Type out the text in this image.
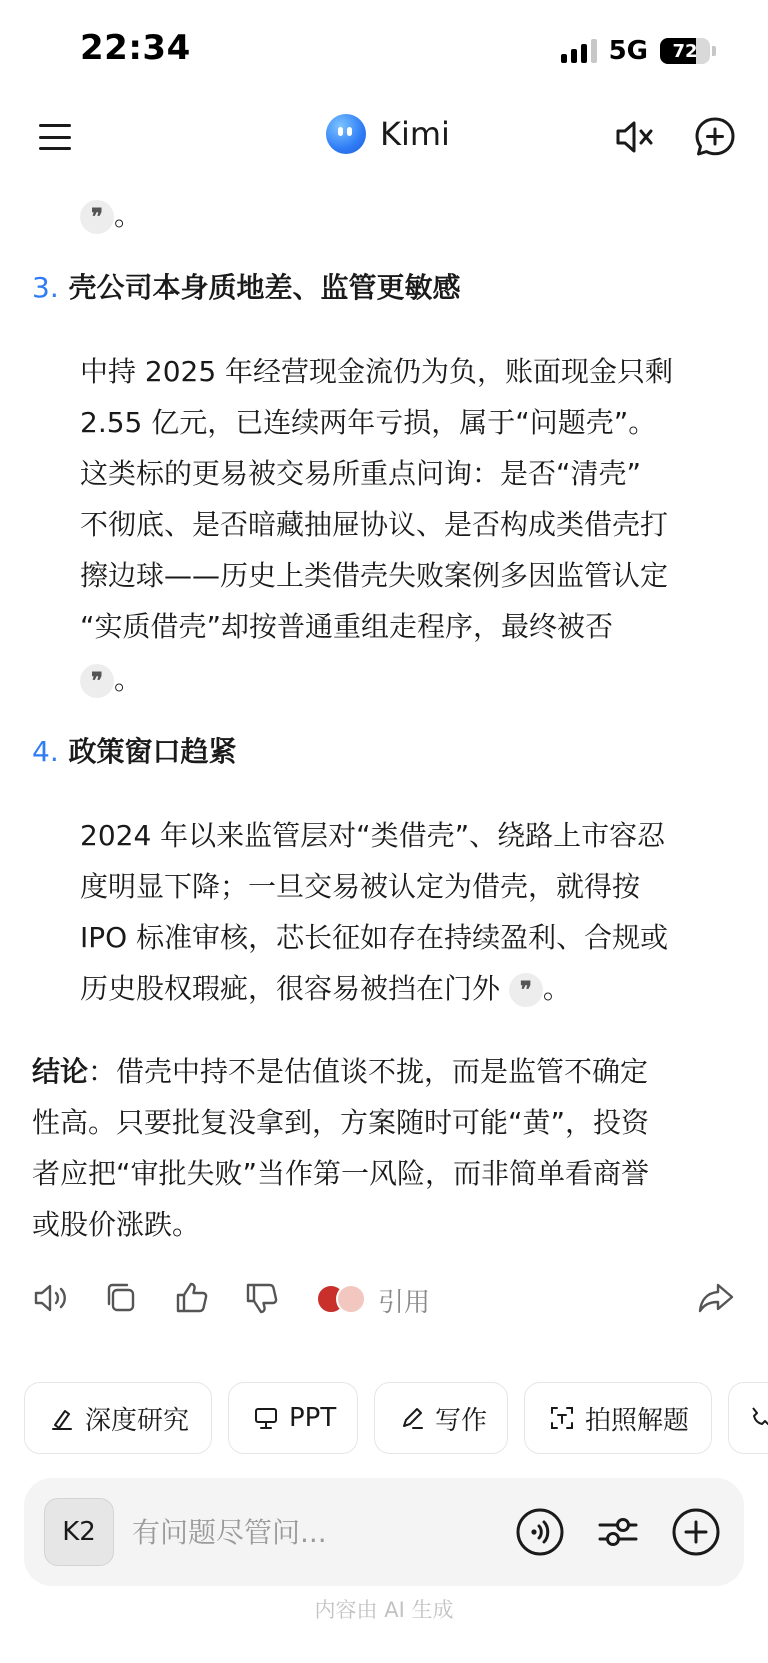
22:34	5G	72
Kimi
❞ 。
3. 壳公司本身质地差、监管更敏感
中持 2025 年经营现金流仍为负，账面现金只剩
2.55 亿元，已连续两年亏损，属于“问题壳”。
这类标的更易被交易所重点问询：是否“清壳”
不彻底、是否暗藏抽屉协议、是否构成类借壳打
擦边球——历史上类借壳失败案例多因监管认定
“实质借壳”却按普通重组走程序，最终被否
❞ 。
4. 政策窗口趋紧
2024 年以来监管层对“类借壳”、绕路上市容忍
度明显下降；一旦交易被认定为借壳，就得按
IPO 标准审核，芯长征如存在持续盈利、合规或
历史股权瑕疵，很容易被挡在门外 ❞ 。
结论：借壳中持不是估值谈不拢，而是监管不确定
性高。只要批复没拿到，方案随时可能“黄”，投资
者应把“审批失败”当作第一风险，而非简单看商誉
或股价涨跌。
引用
深度研究	PPT	写作	拍照解题
K2
有问题尽管问...
内容由 AI 生成
